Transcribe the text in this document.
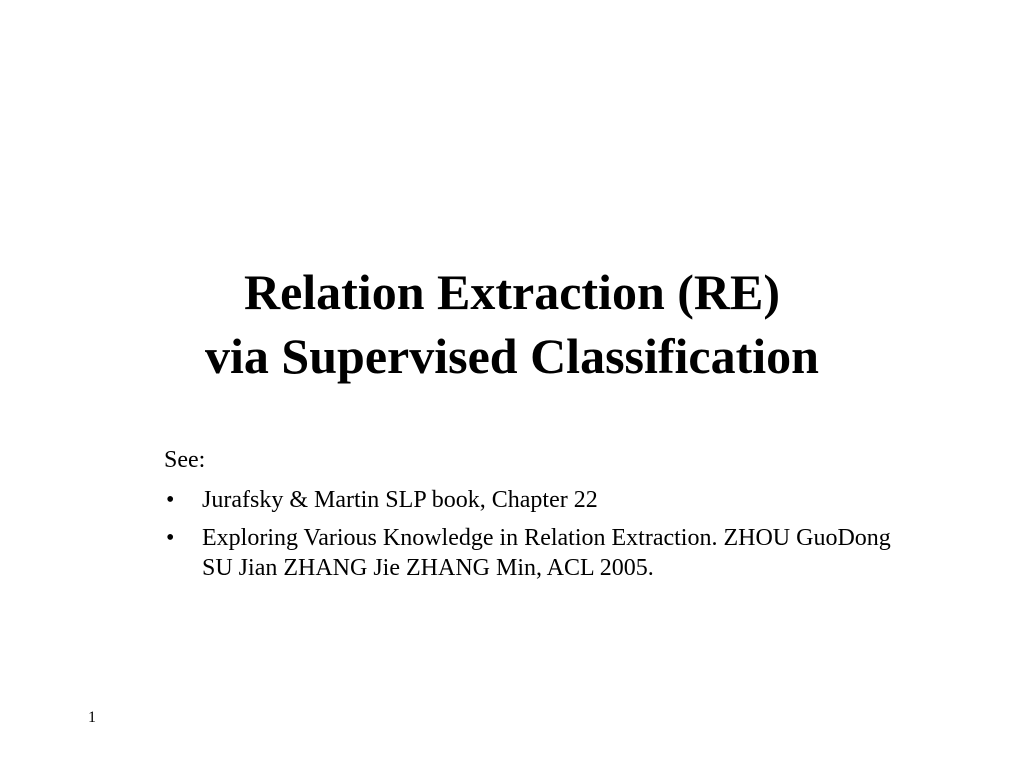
Relation Extraction (RE)
via Supervised Classification
See:
• Jurafsky & Martin SLP book, Chapter 22
• Exploring Various Knowledge in Relation Extraction. ZHOU GuoDong SU Jian ZHANG Jie ZHANG Min, ACL 2005.
1
